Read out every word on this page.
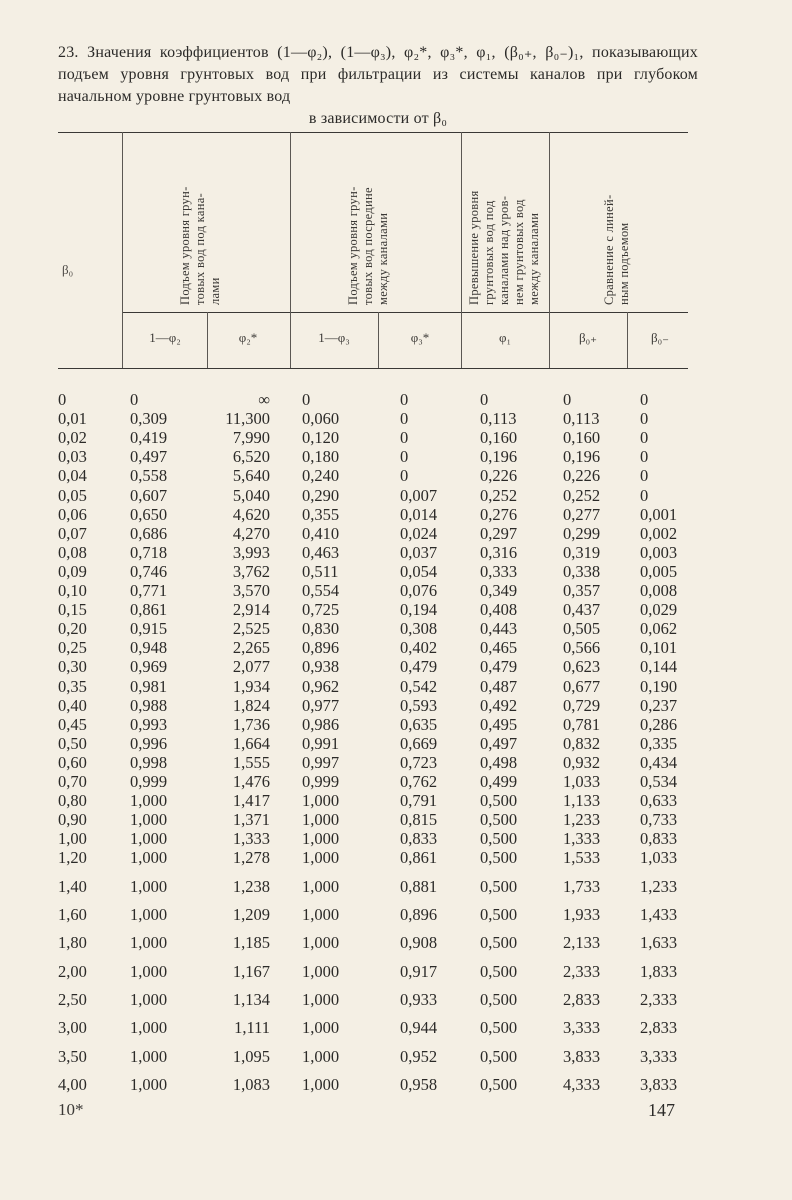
23. Значения коэффициентов (1—φ₂), (1—φ₃), φ₂*, φ₃*, φ₁, (β₀₊, β₀₋)₁, показывающих подъем уровня грунтовых вод при фильтрации из системы каналов при глубоком начальном уровне грунтовых вод
в зависимости от β₀
β₀	Подъем уровня грун-
товых вод под кана-
лами	Подъем уровня грун-
товых вод посредине
между каналами	Превышение уровня
грунтовых вод под
каналами над уров-
нем грунтовых вод
между каналами
Сравнение с линей-
ным подъемом
1—φ₂	φ₂*	1—φ₃	φ₃*	φ₁	β₀₊	β₀₋
0	0	∞ 0	0	0	0	0
0,01	0,309	11,300 0,060	0	0,113	0,113	0
0,02	0,419	7,990 0,120	0	0,160	0,160	0
0,03	0,497	6,520 0,180	0	0,196	0,196	0
0,04	0,558	5,640 0,240	0	0,226	0,226	0
0,05	0,607	5,040 0,290	0,007	0,252	0,252	0
0,06	0,650	4,620 0,355	0,014	0,276	0,277	0,001
0,07	0,686	4,270 0,410	0,024	0,297	0,299	0,002
0,08	0,718	3,993 0,463	0,037	0,316	0,319	0,003
0,09	0,746	3,762 0,511	0,054	0,333	0,338	0,005
0,10	0,771	3,570 0,554	0,076	0,349	0,357	0,008
0,15	0,861	2,914 0,725	0,194	0,408	0,437	0,029
0,20	0,915	2,525 0,830	0,308	0,443	0,505	0,062
0,25	0,948	2,265 0,896	0,402	0,465	0,566	0,101
0,30	0,969	2,077 0,938	0,479	0,479	0,623	0,144
0,35	0,981	1,934 0,962	0,542	0,487	0,677	0,190
0,40	0,988	1,824 0,977	0,593	0,492	0,729	0,237
0,45	0,993	1,736 0,986	0,635	0,495	0,781	0,286
0,50	0,996	1,664 0,991	0,669	0,497	0,832	0,335
0,60	0,998	1,555 0,997	0,723	0,498	0,932	0,434
0,70	0,999	1,476 0,999	0,762	0,499	1,033	0,534
0,80	1,000	1,417 1,000	0,791	0,500	1,133	0,633
0,90	1,000	1,371 1,000	0,815	0,500	1,233	0,733
1,00	1,000	1,333 1,000	0,833	0,500	1,333	0,833
1,20	1,000	1,278 1,000	0,861	0,500	1,533	1,033
1,40	1,000	1,238 1,000	0,881	0,500	1,733	1,233
1,60	1,000	1,209 1,000	0,896	0,500	1,933	1,433
1,80	1,000	1,185 1,000	0,908	0,500	2,133	1,633
2,00	1,000	1,167 1,000	0,917	0,500	2,333	1,833
2,50	1,000	1,134 1,000	0,933	0,500	2,833	2,333
3,00	1,000	1,111 1,000	0,944	0,500	3,333	2,833
3,50	1,000	1,095 1,000	0,952	0,500	3,833	3,333
4,00	1,000	1,083 1,000	0,958	0,500	4,333	3,833
10*	147
